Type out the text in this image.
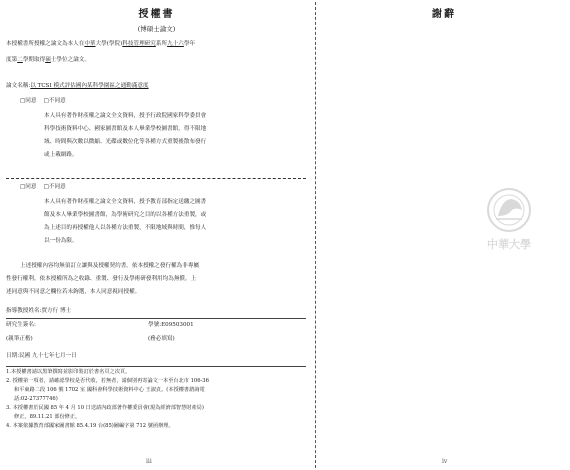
授權書
(博碩士論文)
本授權書所授權之論文為本人在中華大學(學院)科技管理研究系所九十六學年
度第二學期取得碩士學位之論文。
論文名稱:以 TCSI 模式評估國內某科學園區之通勤滿意度
□同意 □不同意
本人具有著作財產權之論文全文資料，授予行政院國家科學委員會
科學技術資料中心、國家圖書館及本人畢業學校圖書館，得不限地
域、時間與次數以微縮、光碟或數位化等各種方式重製後散布發行
或上載網路。
□同意 □不同意
本人具有著作財產權之論文全文資料，授予教育部指定送繳之圖書
館及本人畢業學校圖書館，為學術研究之目的以各種方法重製，或
為上述目的再授權他人以各種方法重製，不限地域與時間，惟每人
以一份為限。
上述授權內容均無須訂立讓與及授權契約書。依本授權之發行權為非專屬
性發行權利。依本授權所為之收錄、重製、發行及學術研發利用均為無償。上
述同意與不同意之欄位若未鉤選，本人同意視同授權。
指導教授姓名:賈方行 博士
研究生簽名:	學號:E09503001
(親筆正楷)	(務必填寫)
日期:民國 九十七年七月一日
1.本授權書請以黑筆撰寫並影印裝訂於書名頁之次頁。
2. 授權第一項者，請確認學校是否代收，若無者，請個別再寄論文一本至台北市 106-36
和平東路二段 106 號 1702 室 國科會科學技術資料中心 王淑貞。(本授權書諮詢電
話:02-27377746)
3. 本授權書於民國 85 年 4 月 10 日送請內政部著作權委員會(現為經濟部智慧財產局)
修正，89.11.21 部份修正。
4. 本案依據教育部國家圖書館 85.4.19 台(85)圖編字第 712 號函辦理。
iii
謝辭
中華大學
iv
